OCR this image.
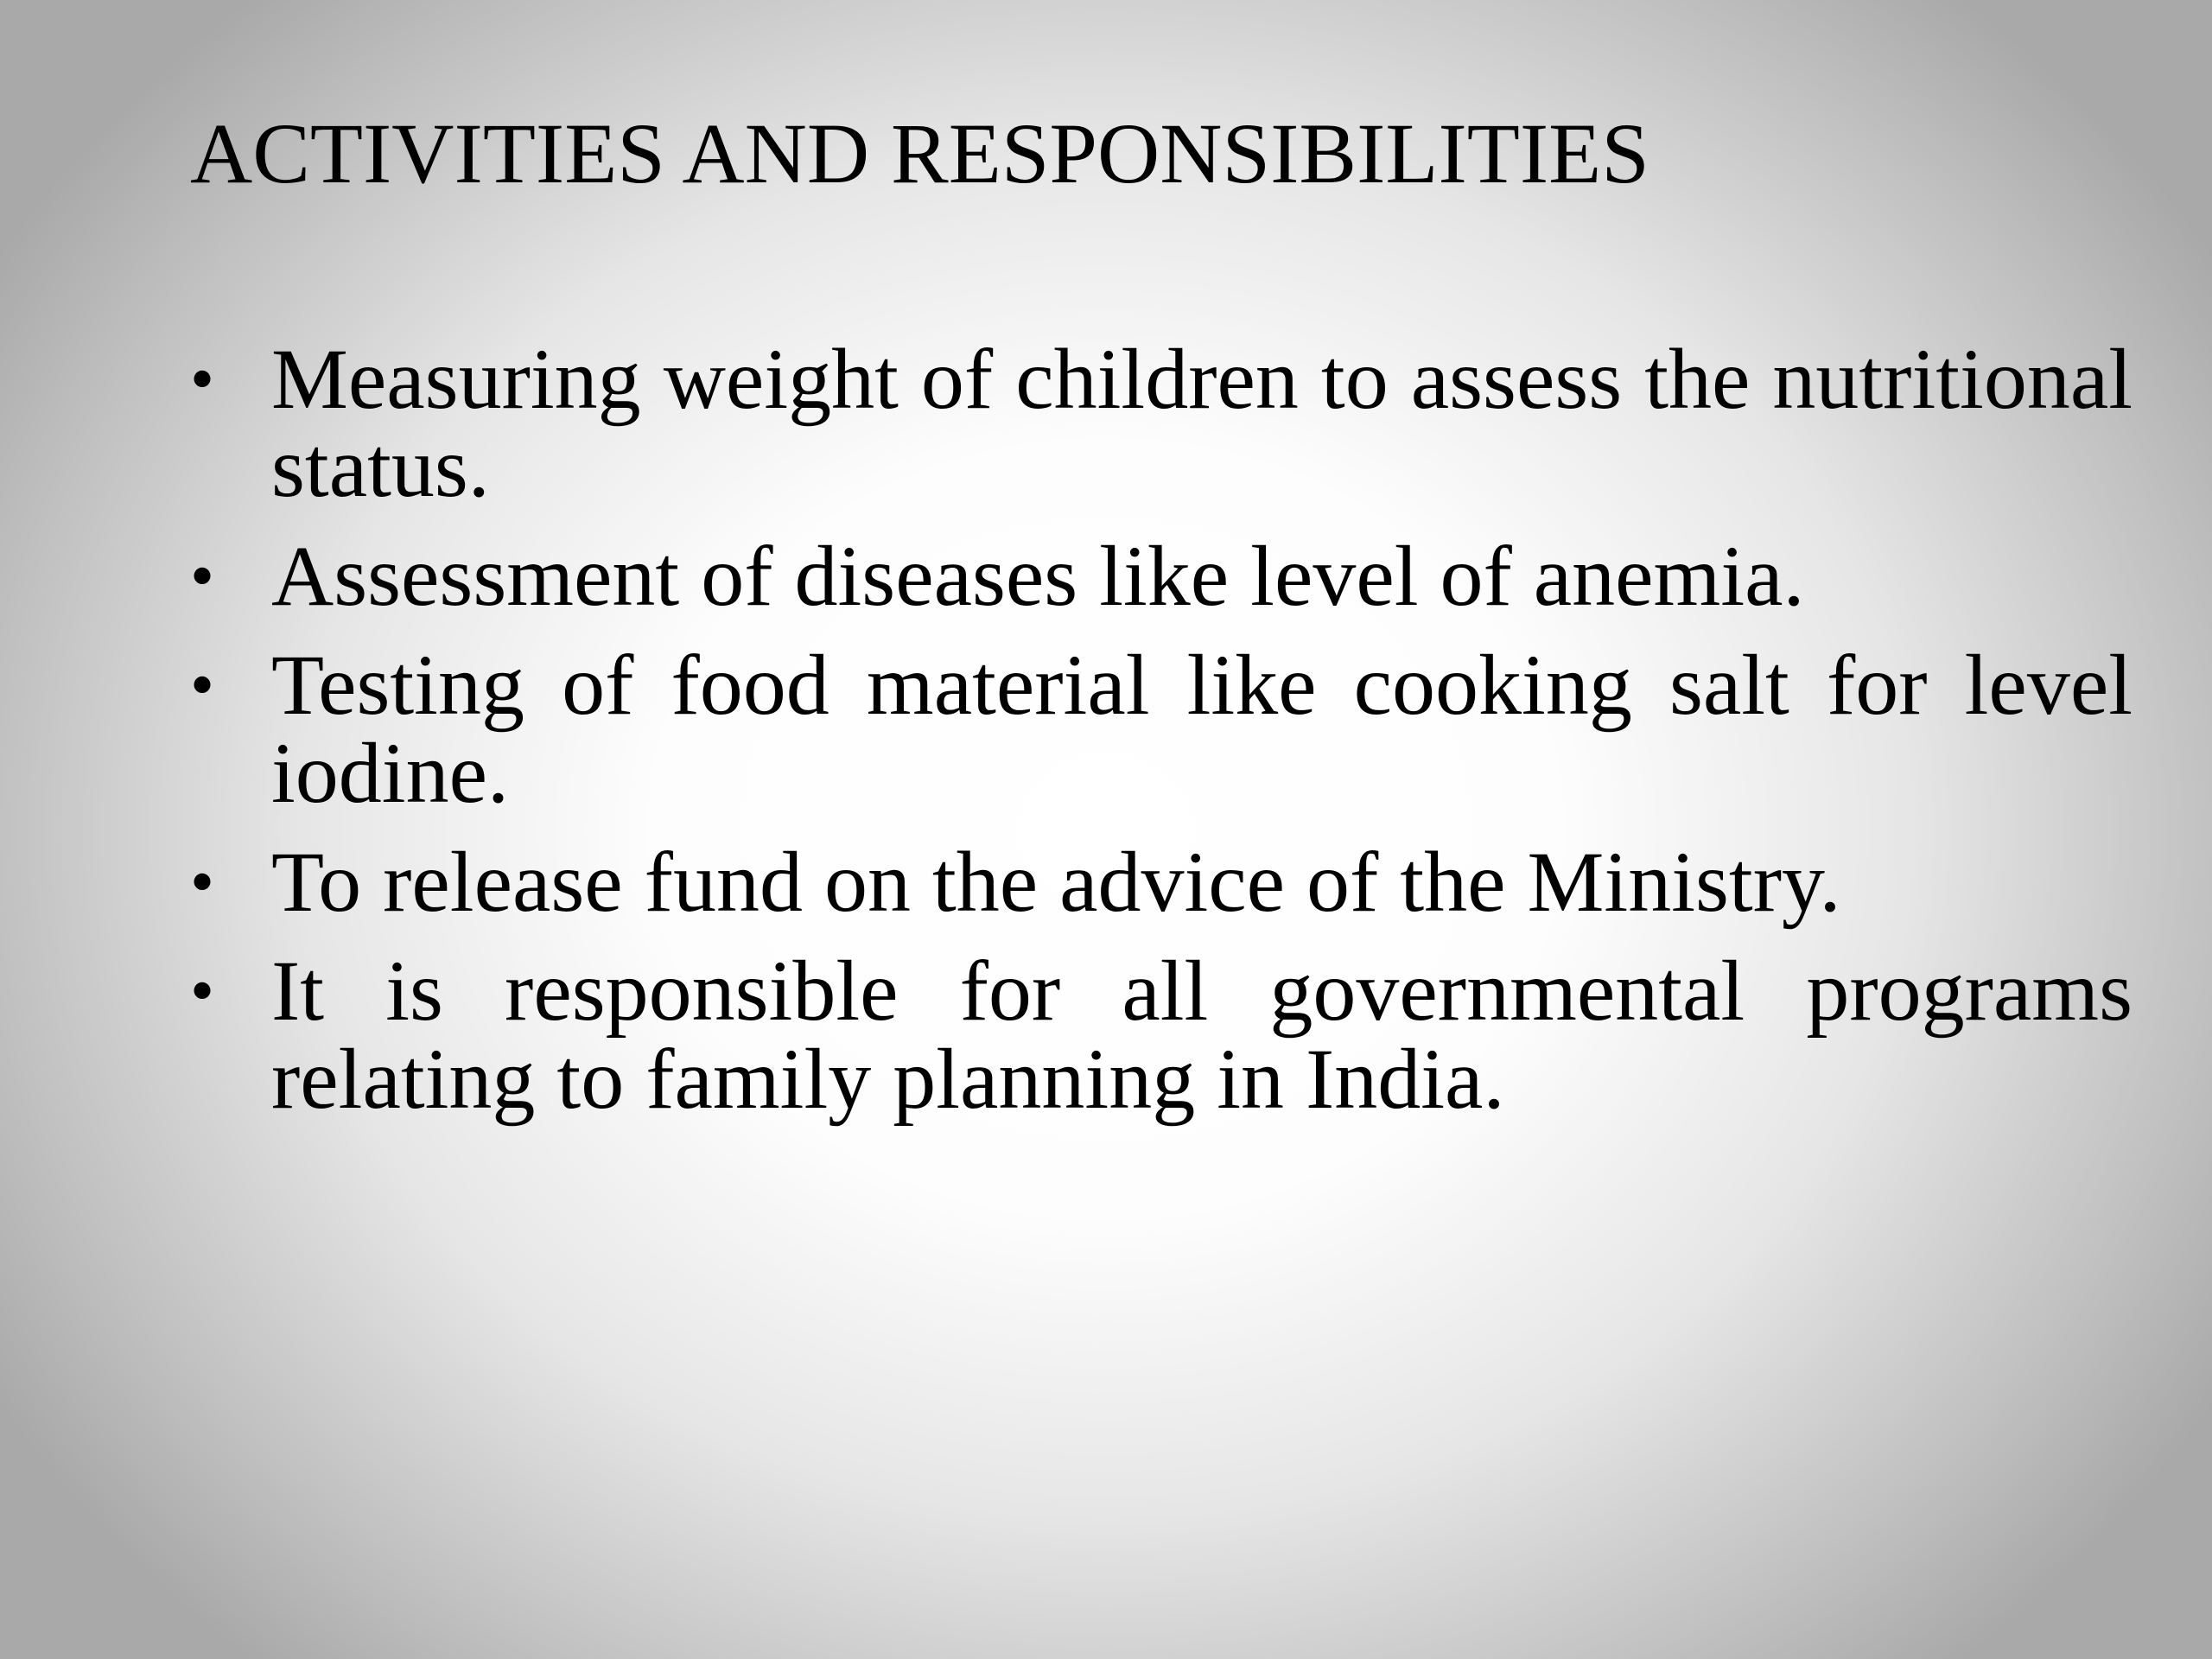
ACTIVITIES AND RESPONSIBILITIES
• Measuring weight of children to assess the nutritional status.
• Assessment of diseases like level of anemia.
• Testing of food material like cooking salt for level iodine.
• To release fund on the advice of the Ministry.
• It is responsible for all governmental programs relating to family planning in India.
